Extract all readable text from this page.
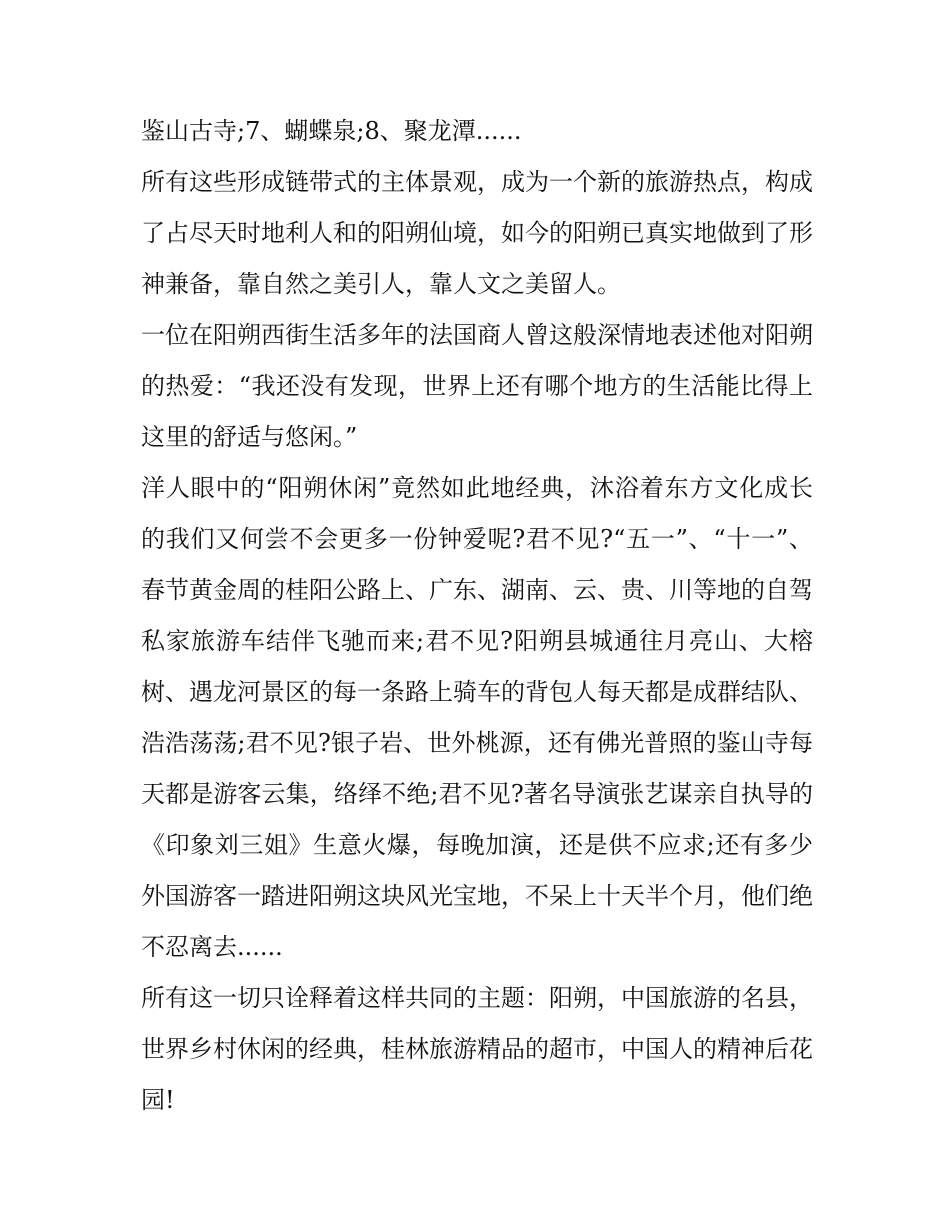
鉴山古寺;7、蝴蝶泉;8、聚龙潭......

所有这些形成链带式的主体景观，成为一个新的旅游热点，构成了占尽天时地利人和的阳朔仙境，如今的阳朔已真实地做到了形神兼备，靠自然之美引人，靠人文之美留人。

一位在阳朔西街生活多年的法国商人曾这般深情地表述他对阳朔的热爱：“我还没有发现，世界上还有哪个地方的生活能比得上这里的舒适与悠闲。”

洋人眼中的“阳朔休闲”竟然如此地经典，沐浴着东方文化成长的我们又何尝不会更多一份钟爱呢?君不见?“五一”、“十一”、春节黄金周的桂阳公路上、广东、湖南、云、贵、川等地的自驾私家旅游车结伴飞驰而来;君不见?阳朔县城通往月亮山、大榕树、遇龙河景区的每一条路上骑车的背包人每天都是成群结队、浩浩荡荡;君不见?银子岩、世外桃源，还有佛光普照的鉴山寺每天都是游客云集，络绎不绝;君不见?著名导演张艺谋亲自执导的《印象刘三姐》生意火爆，每晚加演，还是供不应求;还有多少外国游客一踏进阳朔这块风光宝地，不呆上十天半个月，他们绝不忍离去......

所有这一切只诠释着这样共同的主题：阳朔，中国旅游的名县，世界乡村休闲的经典，桂林旅游精品的超市，中国人的精神后花园!
